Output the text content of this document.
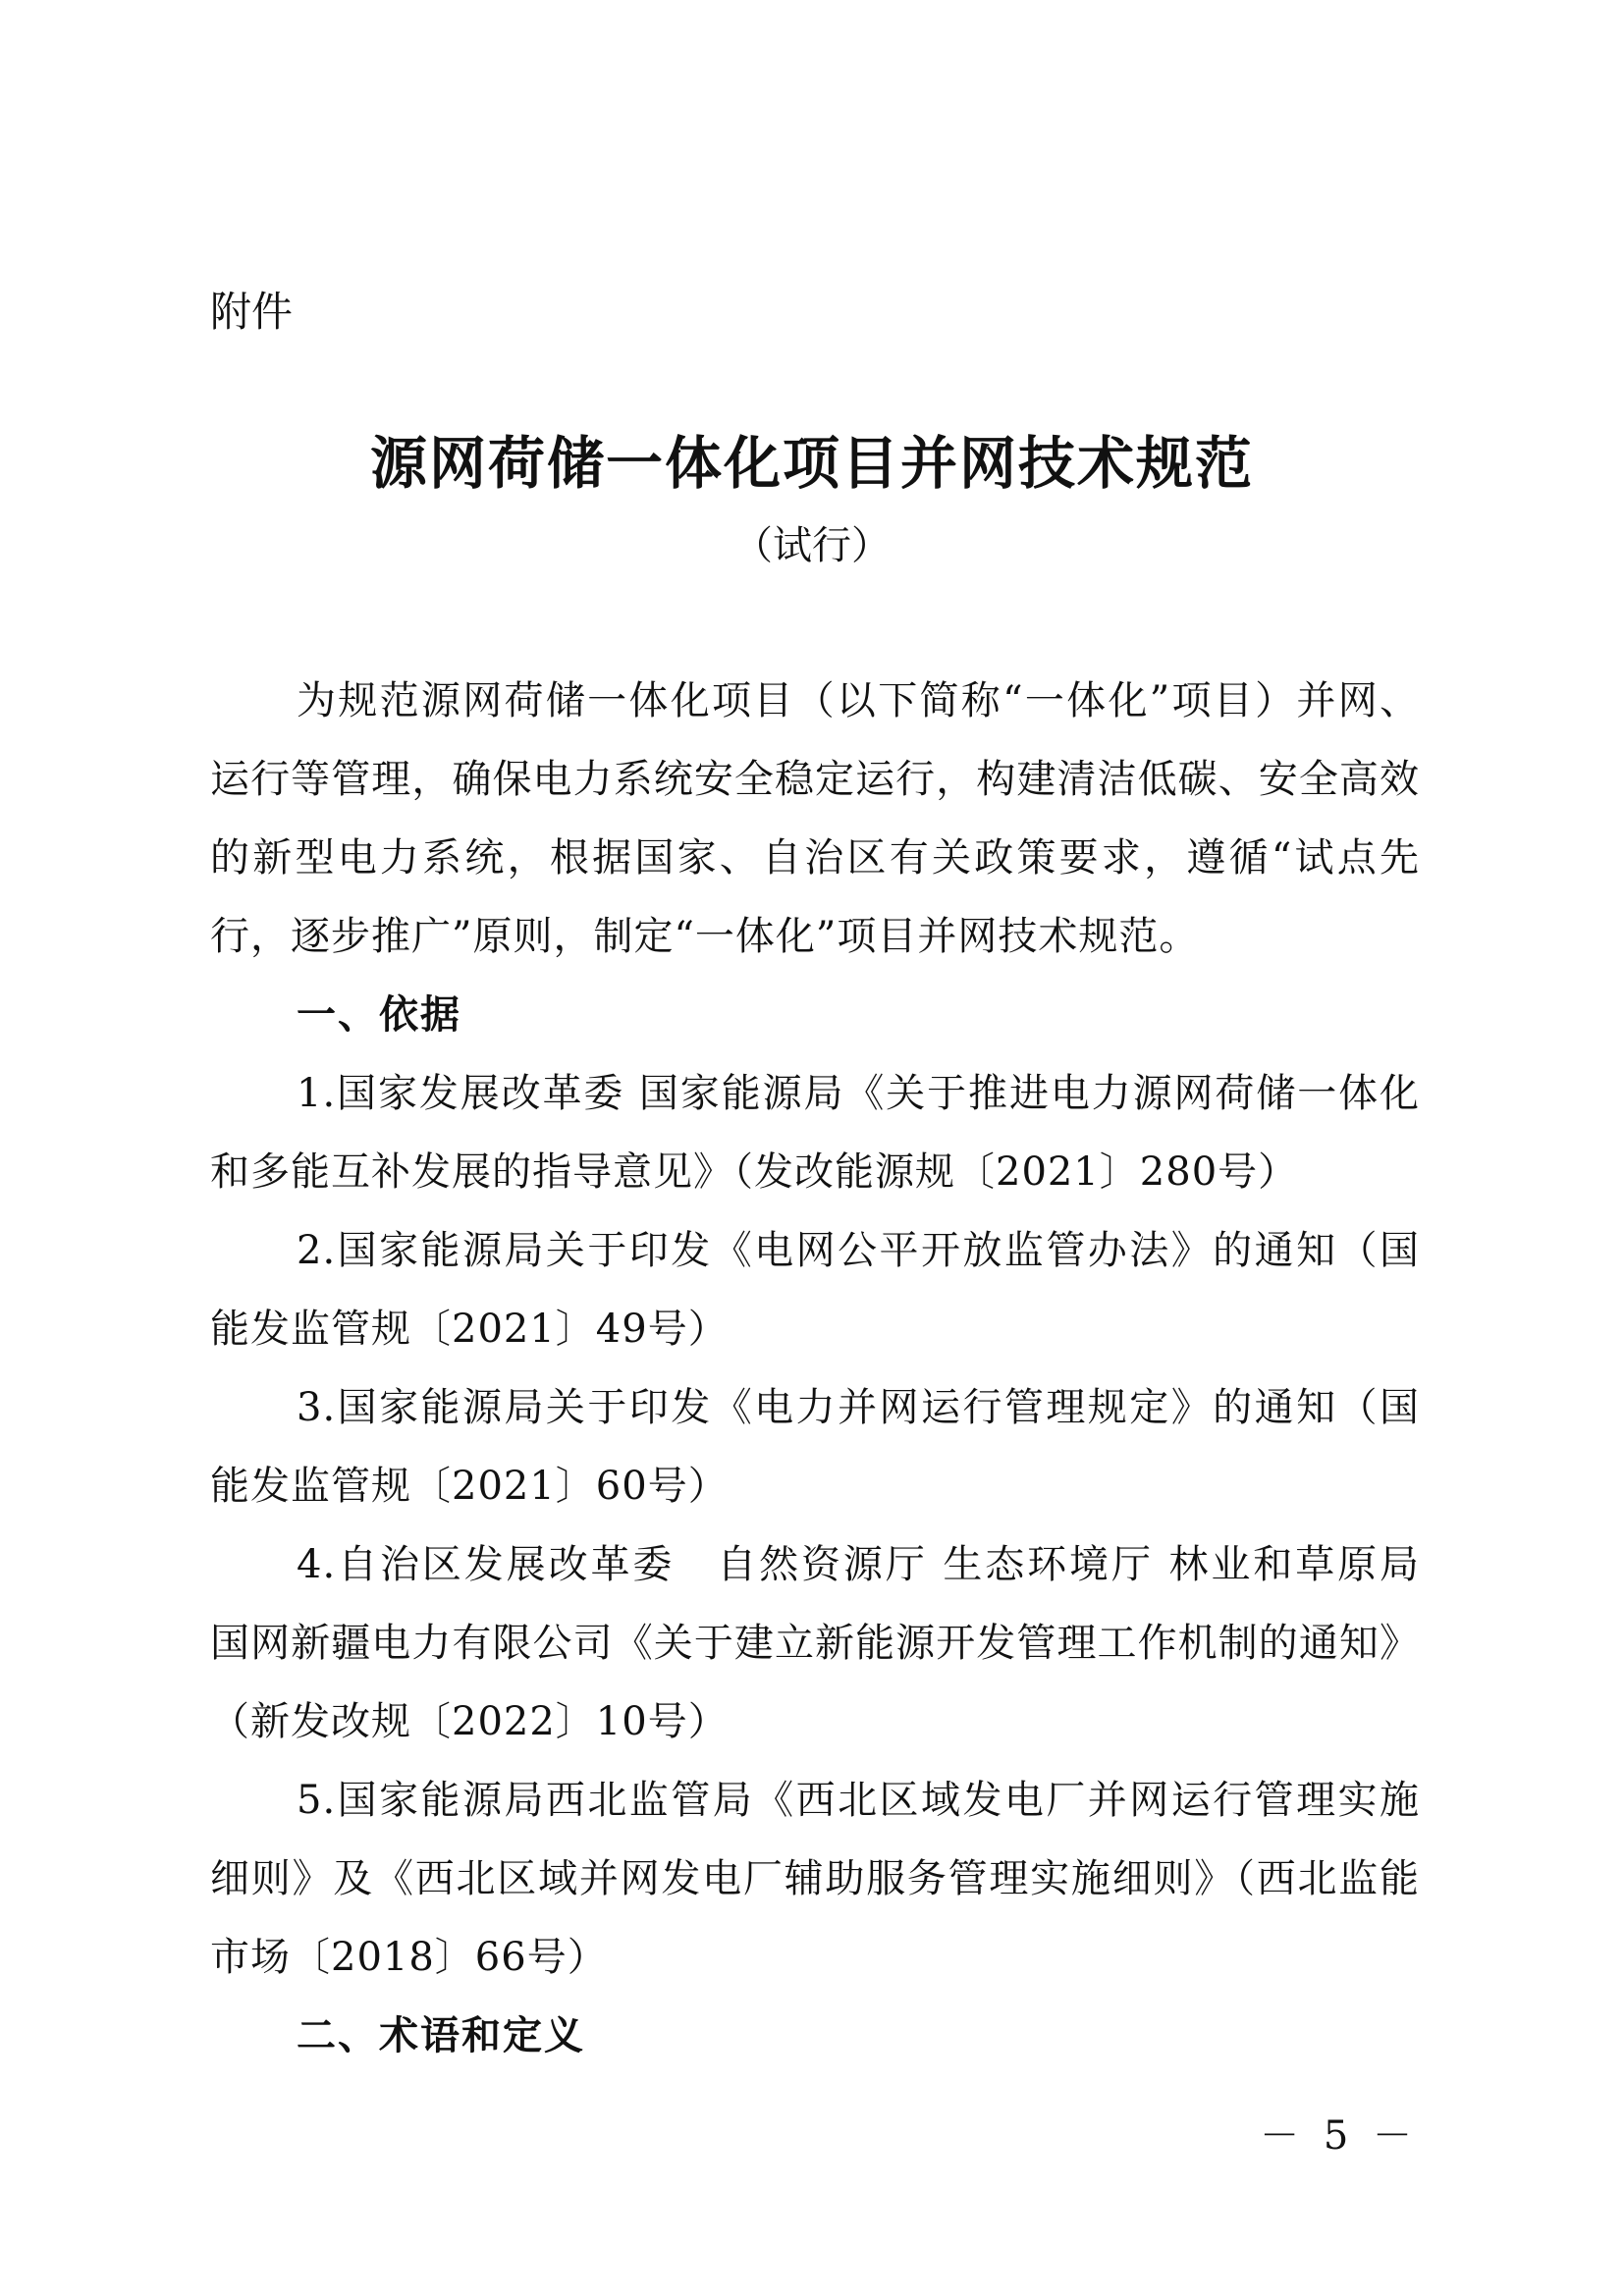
附件
源网荷储一体化项目并网技术规范
（试行）

为规范源网荷储一体化项目（以下简称“一体化”项目）并网、运行等管理，确保电力系统安全稳定运行，构建清洁低碳、安全高效的新型电力系统，根据国家、自治区有关政策要求，遵循“试点先行，逐步推广”原则，制定“一体化”项目并网技术规范。

一、依据

1.国家发展改革委 国家能源局《关于推进电力源网荷储一体化和多能互补发展的指导意见》（发改能源规〔2021〕280号）

2.国家能源局关于印发《电网公平开放监管办法》的通知（国能发监管规〔2021〕49号）

3.国家能源局关于印发《电力并网运行管理规定》的通知（国能发监管规〔2021〕60号）

4.自治区发展改革委　自然资源厅 生态环境厅 林业和草原局 国网新疆电力有限公司《关于建立新能源开发管理工作机制的通知》（新发改规〔2022〕10号）

5.国家能源局西北监管局《西北区域发电厂并网运行管理实施细则》及《西北区域并网发电厂辅助服务管理实施细则》（西北监能市场〔2018〕66号）

二、术语和定义

－ 5 －
